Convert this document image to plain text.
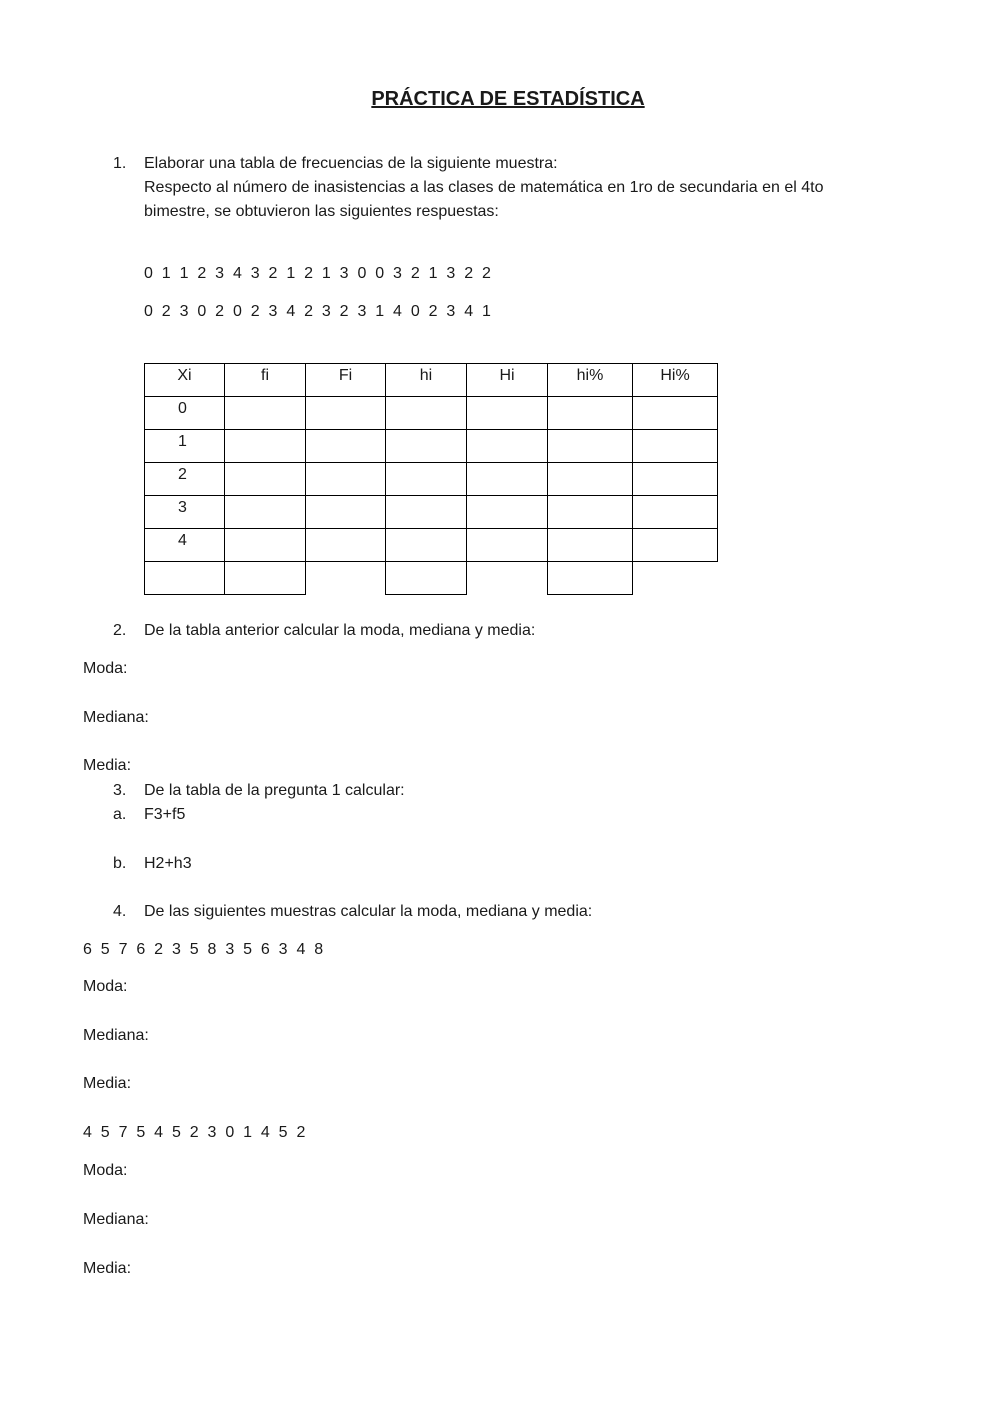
PRÁCTICA DE ESTADÍSTICA
1.	Elaborar una tabla de frecuencias de la siguiente muestra:
Respecto al número de inasistencias a las clases de matemática en 1ro de secundaria en el 4to
bimestre, se obtuvieron las siguientes respuestas:
0  1  1  2  3  4  3  2  1  2  1  3  0  0  3  2  1  3  2  2
0  2  3  0  2  0  2  3  4  2  3  2  3  1  4  0  2  3  4  1
Xi	fi	Fi	hi	Hi	hi%	Hi%
0						
1						
2						
3						
4						

2.	De la tabla anterior calcular la moda, mediana y media:
Moda:
Mediana:
Media:
3.	De la tabla de la pregunta 1 calcular:
a.	F3+f5
b.	H2+h3
4.	De las siguientes muestras calcular la moda, mediana y media:
6  5  7  6  2  3  5  8  3  5  6  3  4  8
Moda:
Mediana:
Media:
4  5  7  5  4  5  2  3  0  1  4  5  2
Moda:
Mediana:
Media:
